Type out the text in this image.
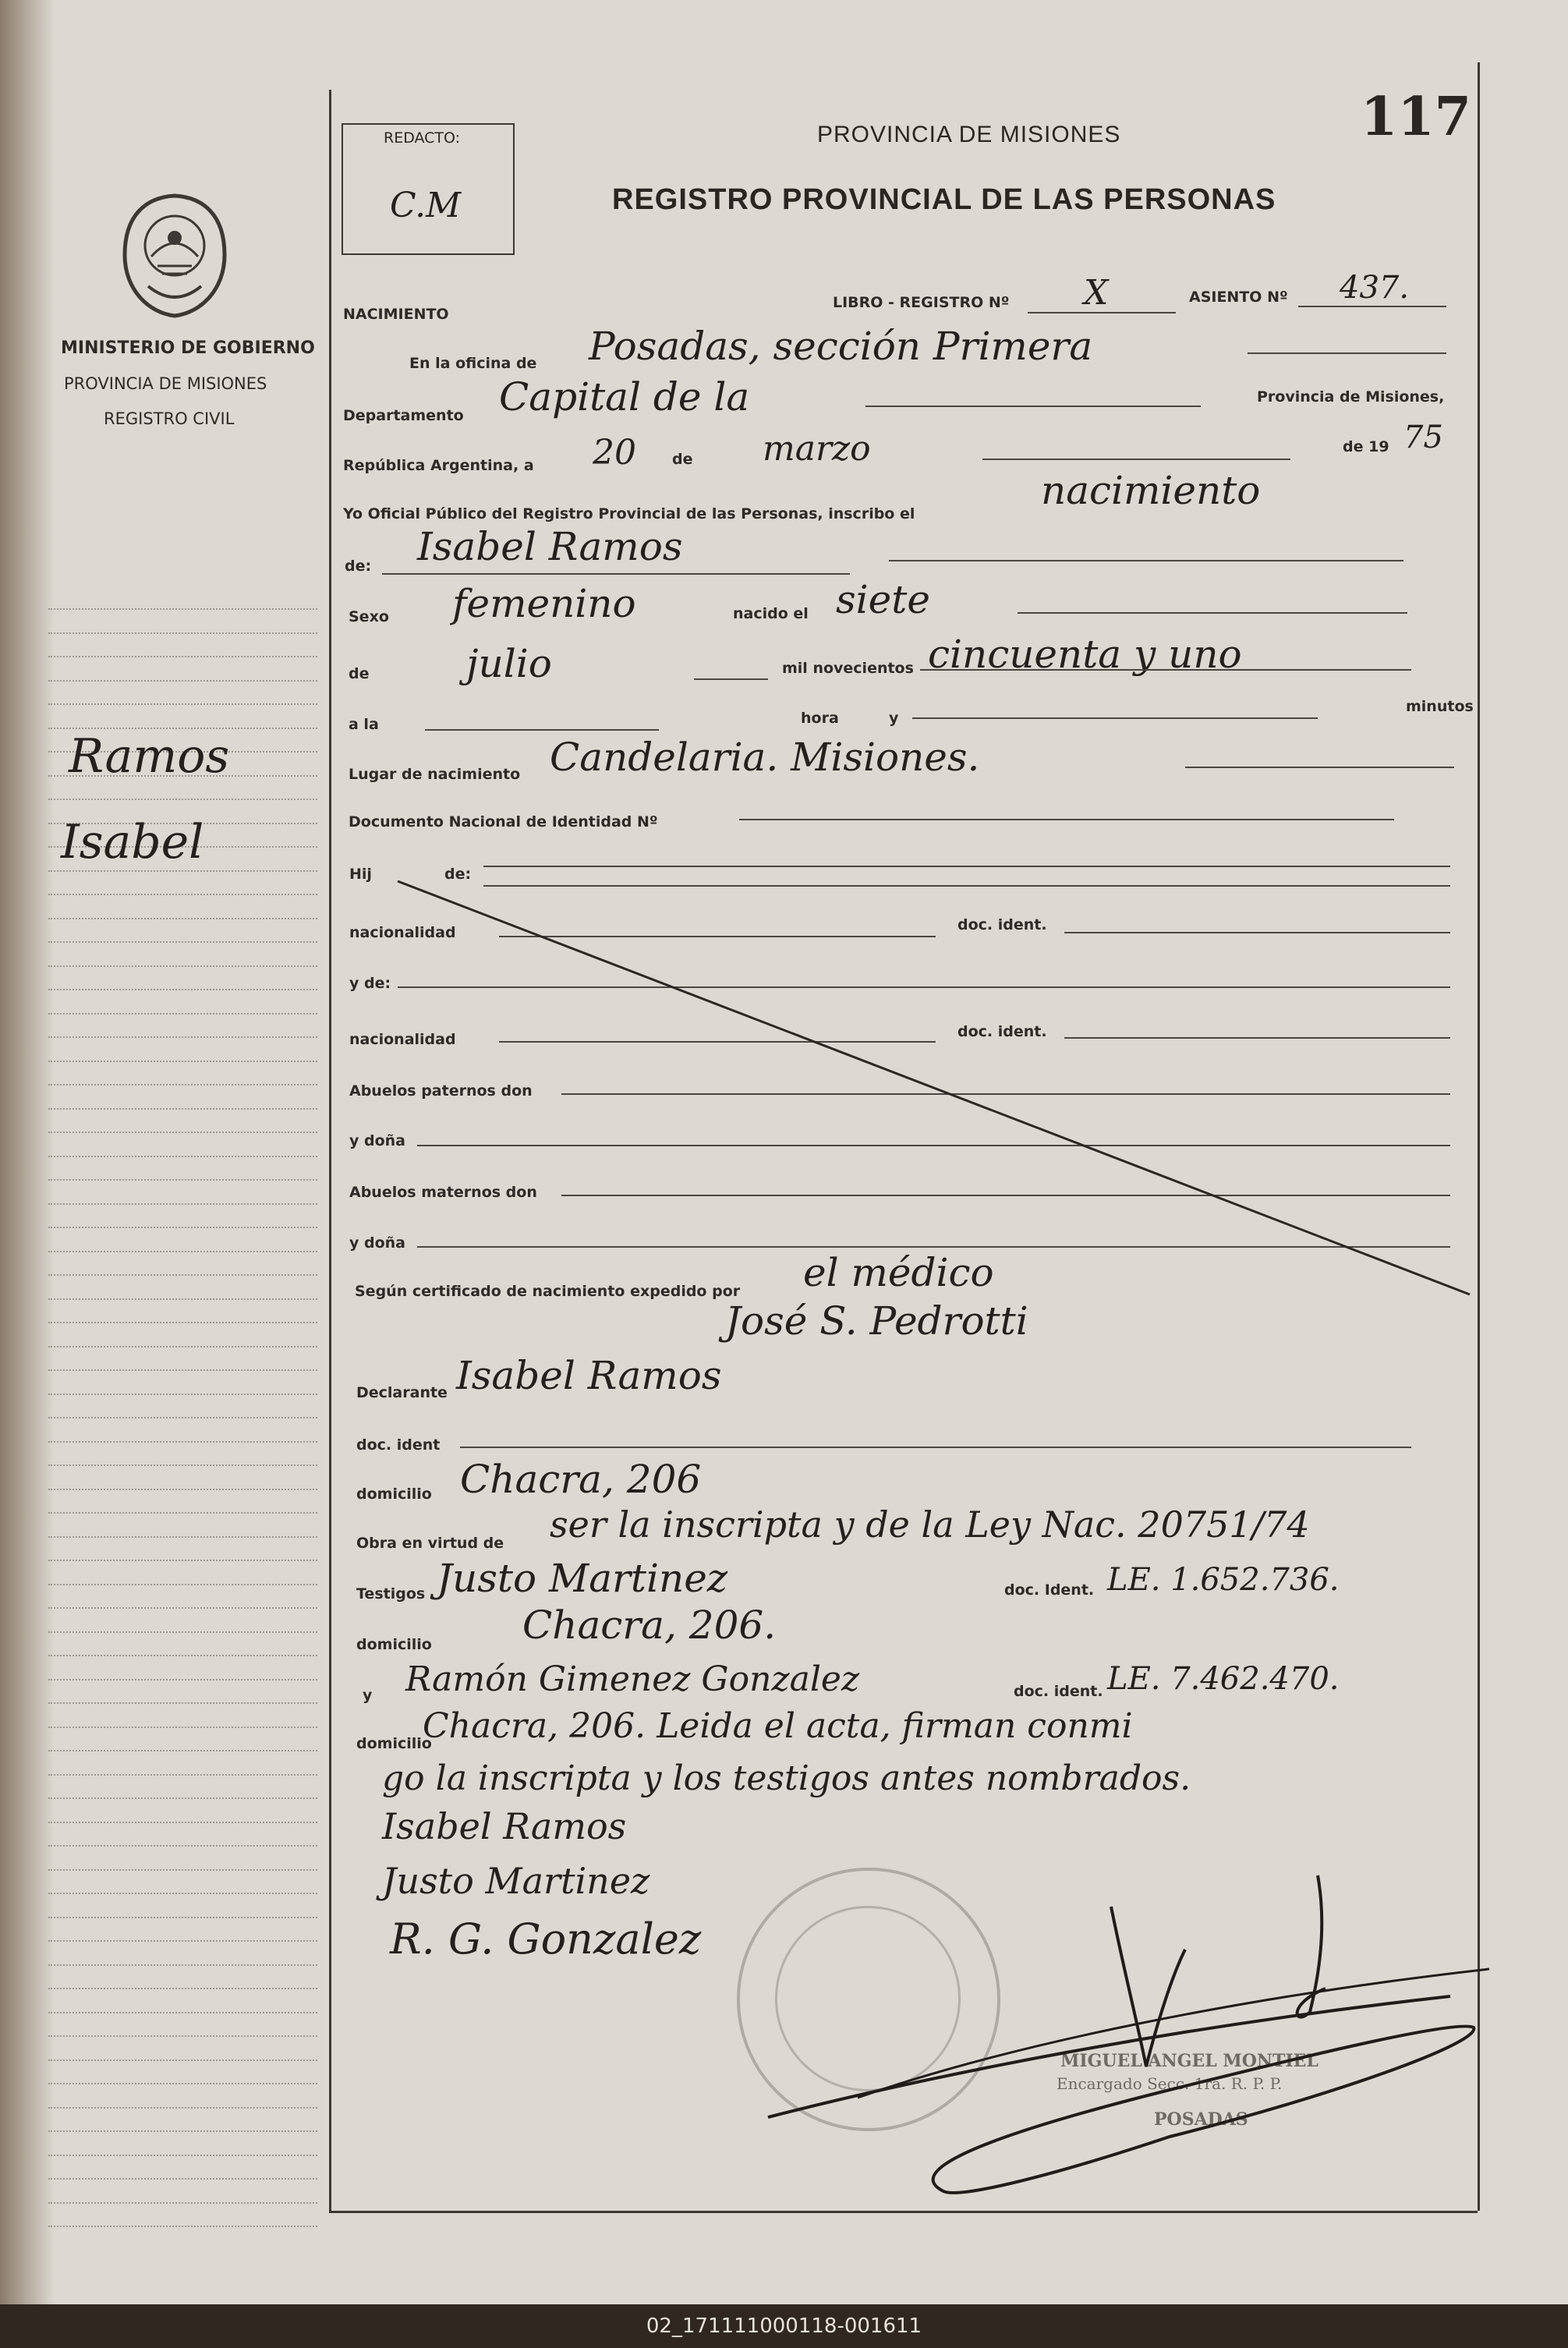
REDACTO:
C.M
PROVINCIA DE MISIONES	117
REGISTRO PROVINCIAL DE LAS PERSONAS
MINISTERIO DE GOBIERNO
PROVINCIA DE MISIONES
REGISTRO CIVIL
Ramos
Isabel
NACIMIENTO
LIBRO - REGISTRO Nº X	ASIENTO Nº 437.
En la oficina de Posadas, sección Primera
Departamento Capital de la	Provincia de Misiones,
República Argentina, a 20 de marzo	de 19 75
Yo Oficial Público del Registro Provincial de las Personas, inscribo el
nacimiento
de: Isabel Ramos
Sexo femenino	nacido el siete
de julio	mil novecientos cincuenta y uno
a la	hora	y
minutos
Lugar de nacimiento Candelaria. Misiones.
Documento Nacional de Identidad Nº
Hij	de:
nacionalidad	doc. ident.
y de:
nacionalidad	doc. ident.
Abuelos paternos don
y doña
Abuelos maternos don
y doña
Según certificado de nacimiento expedido por el médico
José S. Pedrotti
Declarante Isabel Ramos
doc. ident
domicilio Chacra, 206
Obra en virtud de ser la inscripta y de la Ley Nac. 20751/74
Testigos Justo Martinez	doc. Ident. LE. 1.652.736.
domicilio Chacra, 206.
y Ramón Gimenez Gonzalez	doc. ident. LE. 7.462.470.
domicilio
Chacra, 206. Leida el acta, firman conmi
go la inscripta y los testigos antes nombrados.
Isabel Ramos
Justo Martinez
R. G. Gonzalez
MIGUEL ANGEL MONTIEL
Encargado Secc. 1ra. R. P. P.
POSADAS
02_171111000118-001611
